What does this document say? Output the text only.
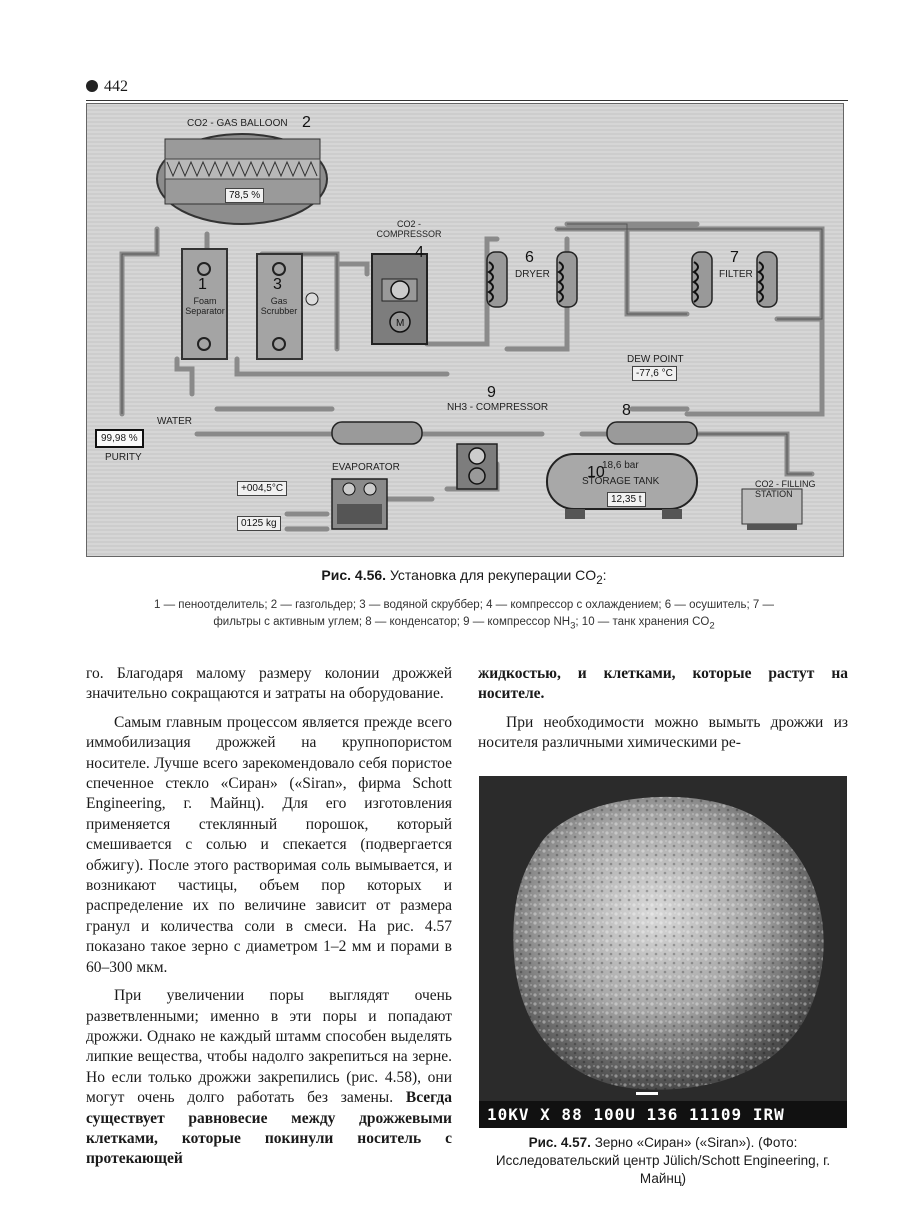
442
M
CO2 - GAS BALLOON 2
78,5 %
1
Foam Separator
3
Gas Scrubber
CO2 - COMPRESSOR
4	6
DRYER
7
FILTER
DEW POINT
-77,6 °C
WATER
99,98 %
PURITY
9
NH3 - COMPRESSOR	8
EVAPORATOR
+004,5°C
0125 kg
10
18,6 bar
STORAGE TANK
12,35 t
CO2 - FILLING STATION
Рис. 4.56. Установка для рекуперации $CO_2$:
1 — пеноотделитель; 2 — газгольдер; 3 — водяной скруббер; 4 — компрессор с охлаждением; 6 — осушитель; 7 —
фильтры с активным углем; 8 — конденсатор; 9 — компрессор $NH_3$; 10 — танк хранения $CO_2$

го. Благодаря малому размеру колонии дрожжей значительно сокращаются и затраты на оборудование.

Самым главным процессом является прежде всего иммобилизация дрожжей на крупнопористом носителе. Лучше всего зарекомендовало себя пористое спеченное стекло «Сиран» («Siran», фирма Schott Engineering, г. Майнц). Для его изготовления применяется стеклянный порошок, который смешивается с солью и спекается (подвергается обжигу). После этого растворимая соль вымывается, и возникают частицы, объем пор которых и распределение их по величине зависит от размера гранул и количества соли в смеси. На рис. 4.57 показано такое зерно с диаметром 1–2 мм и порами в 60–300 мкм.

При увеличении поры выглядят очень разветвленными; именно в эти поры и попадают дрожжи. Однако не каждый штамм способен выделять липкие вещества, чтобы надолго закрепиться на зерне. Но если только дрожжи закрепились (рис. 4.58), они могут очень долго работать без замены. Всегда существует равновесие между дрожжевыми клетками, которые покинули носитель с протекающей

жидкостью, и клетками, которые растут на носителе.

При необходимости можно вымыть дрожжи из носителя различными химическими ре-

10KV X 88 100U 136 11109 IRW
Рис. 4.57. Зерно «Сиран» («Siran»). (Фото: Исследовательский центр Jülich/Schott Engineering, г. Майнц)
